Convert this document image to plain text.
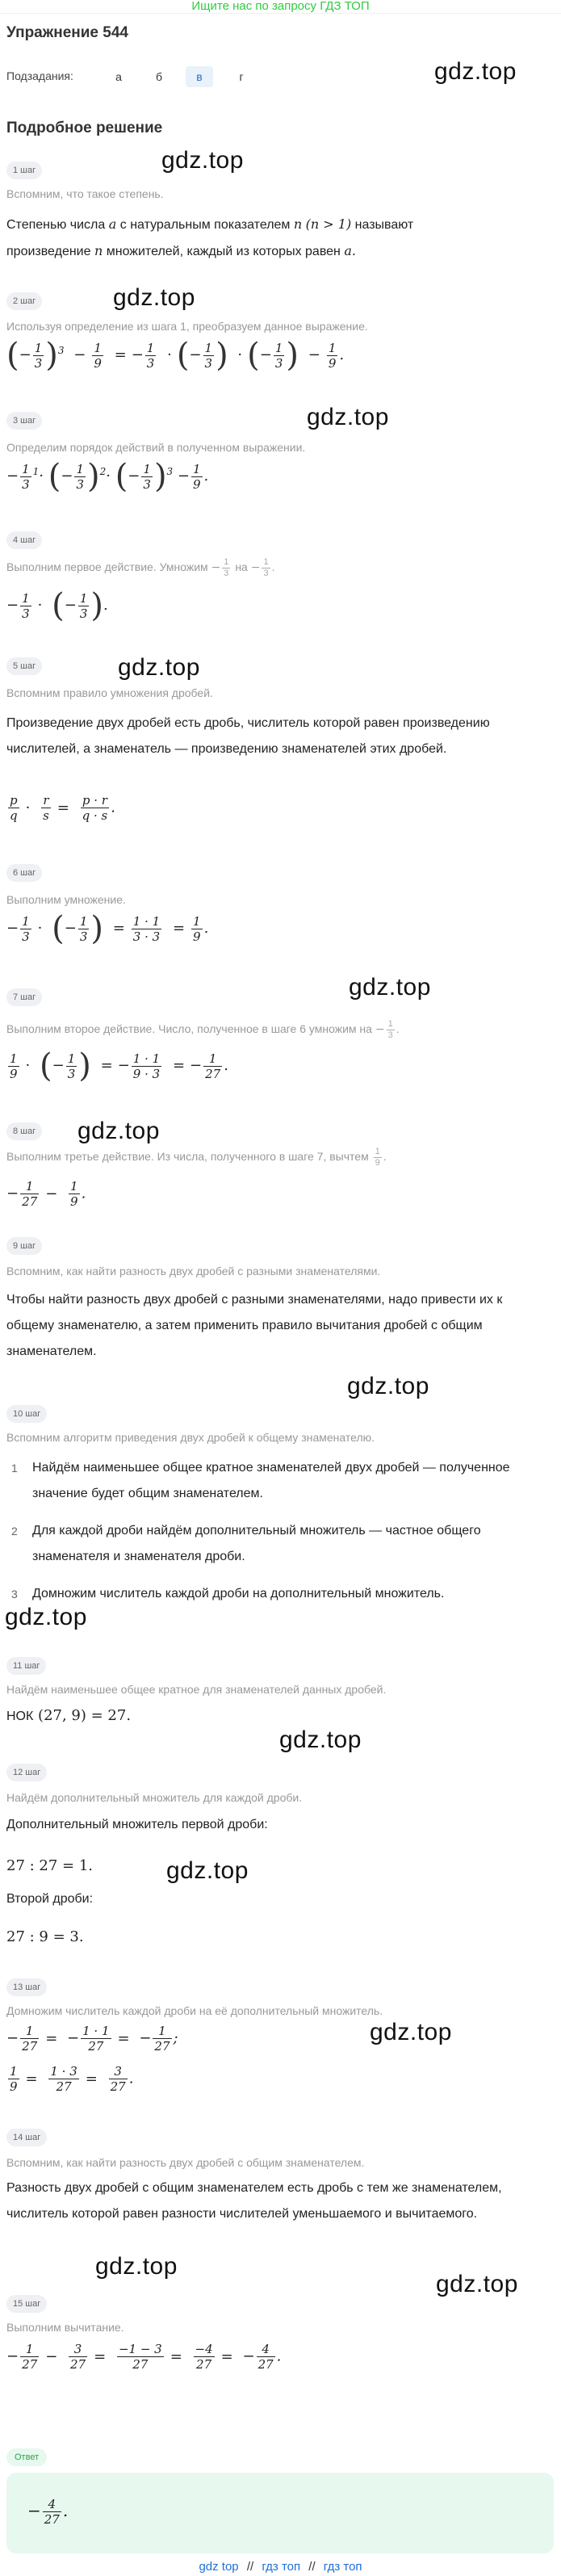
Ищите нас по запросу ГДЗ ТОП
Упражнение 544
Подзадания:	а	б	в	г	gdz.top
Подробное решение
1 шаг	gdz.top
Вспомним, что такое степень.
Степенью числа a с натуральным показателем n (n > 1) называют
произведение n множителей, каждый из которых равен a.
2 шаг	gdz.top
Используя определение из шага 1, преобразуем данное выражение.
(− $\frac{1}{3} )^3 - \frac{1}{9}$ = − $\frac{1}{3}$ · (− $\frac{1}{3}$ ) · (− $\frac{1}{3}$ ) − $\frac{1}{9}$ .
3 шаг	gdz.top
Определим порядок действий в полученном выражении.
− $\frac{1}{3} ^1\cdot$ (− $\frac{1}{3} )^2\cdot$ (− $\frac{1}{3} )^3 - \frac{1}{9}$ .
4 шаг
Выполним первое действие. Умножим − $\frac{1}{3}$ на − $\frac{1}{3}$ .
− $\frac{1}{3}$ · (− $\frac{1}{3}$ ).
5 шаг	gdz.top
Вспомним правило умножения дробей.
Произведение двух дробей есть дробь, числитель которой равен произведению числителей, а знаменатель — произведению знаменателей этих дробей.
$\frac{p}{q} \cdot \frac{r}{s} = \frac{p \cdot r}{q \cdot s}$ .
6 шаг
Выполним умножение.
− $\frac{1}{3}$ · (− $\frac{1}{3}$ ) = $\frac{1 \cdot 1}{3 \cdot 3} = \frac{1}{9}$ .
gdz.top
7 шаг
Выполним второе действие. Число, полученное в шаге 6 умножим на − $\frac{1}{3}$ .
$\frac{1}{9}$ · (− $\frac{1}{3}$ ) = − $\frac{1 \cdot 1}{9 \cdot 3}$ = − $\frac{1}{27}$ .
8 шаг gdz.top
Выполним третье действие. Из числа, полученного в шаге 7, вычтем $\frac{1}{9}$ .
− $\frac{1}{27} - \frac{1}{9}$ .
9 шаг
Вспомним, как найти разность двух дробей с разными знаменателями.
Чтобы найти разность двух дробей с разными знаменателями, надо привести их к общему знаменателю, а затем применить правило вычитания дробей с общим знаменателем.
gdz.top
10 шаг
Вспомним алгоритм приведения двух дробей к общему знаменателю.
1 Найдём наименьшее общее кратное знаменателей двух дробей — полученное значение будет общим знаменателем.
2 Для каждой дроби найдём дополнительный множитель — частное общего знаменателя и знаменателя дроби.
3 Домножим числитель каждой дроби на дополнительный множитель.
gdz.top
11 шаг
Найдём наименьшее общее кратное для знаменателей данных дробей.
НОК (27, 9) = 27.
gdz.top
12 шаг
Найдём дополнительный множитель для каждой дроби.
Дополнительный множитель первой дроби:
27 : 27 = 1.	gdz.top
Второй дроби:
27 : 9 = 3.
13 шаг
Домножим числитель каждой дроби на её дополнительный множитель.
gdz.top
− $\frac{1}{27}$ = − $\frac{1 \cdot 1}{27}$ = − $\frac{1}{27}$ ;
$\frac{1}{9} = \frac{1 \cdot 3}{27} = \frac{3}{27}$ .
14 шаг
Вспомним, как найти разность двух дробей с общим знаменателем.
Разность двух дробей с общим знаменателем есть дробь с тем же знаменателем, числитель которой равен разности числителей уменьшаемого и вычитаемого.
gdz.top
15 шаг
gdz.top
Выполним вычитание.
− $\frac{1}{27} - \frac{3}{27} = \frac{-1 - 3}{27} = \frac{-4}{27}$ = − $\frac{4}{27}$ .
Ответ
− $\frac{4}{27}$ .
gdz top // гдз топ // гдз топ
